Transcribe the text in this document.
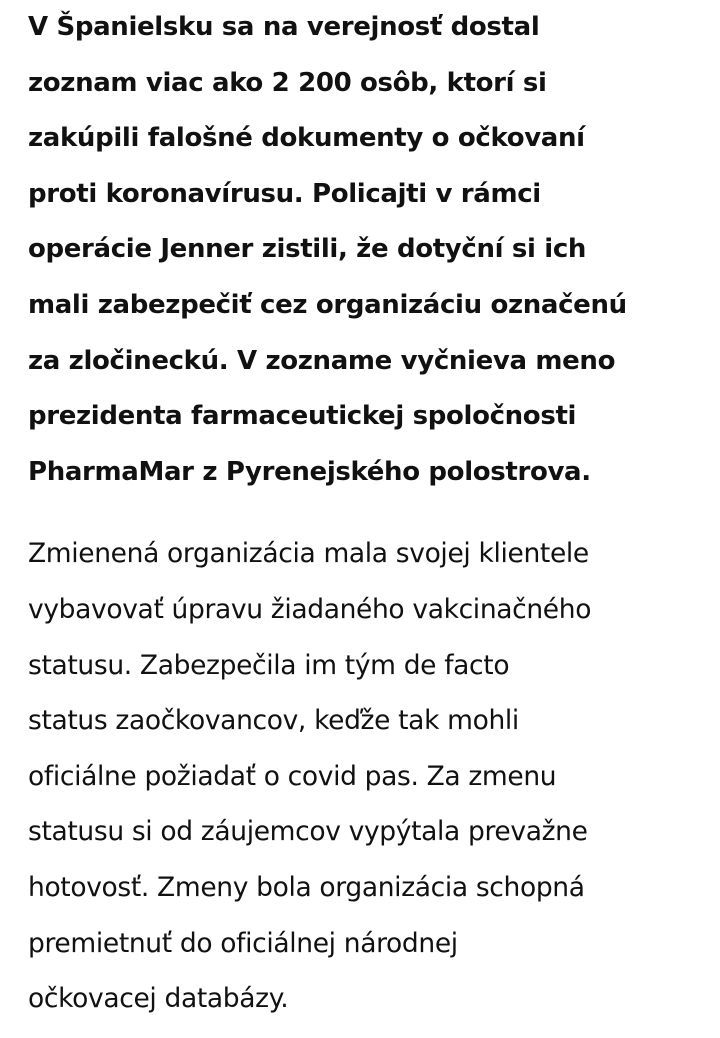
V Španielsku sa na verejnosť dostal
zoznam viac ako 2 200 osôb, ktorí si
zakúpili falošné dokumenty o očkovaní
proti koronavírusu. Policajti v rámci
operácie Jenner zistili, že dotyční si ich
mali zabezpečiť cez organizáciu označenú
za zločineckú. V zozname vyčnieva meno
prezidenta farmaceutickej spoločnosti
PharmaMar z Pyrenejského polostrova.
Zmienená organizácia mala svojej klientele
vybavovať úpravu žiadaného vakcinačného
statusu. Zabezpečila im tým de facto
status zaočkovancov, keďže tak mohli
oficiálne požiadať o covid pas. Za zmenu
statusu si od záujemcov vypýtala prevažne
hotovosť. Zmeny bola organizácia schopná
premietnuť do oficiálnej národnej
očkovacej databázy.
